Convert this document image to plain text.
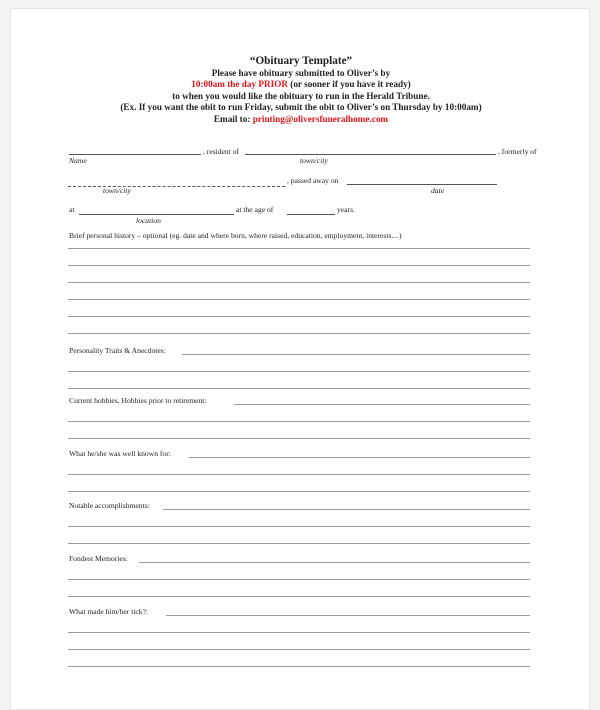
“Obituary Template”
Please have obituary submitted to Oliver’s by
10:00am the day PRIOR (or sooner if you have it ready)
to when you would like the obituary to run in the Herald Tribune.
(Ex. If you want the obit to run Friday, submit the obit to Oliver’s on Thursday by 10:00am)
Email to: printing@oliversfuneralhome.com
, resident of	, formerly of
Name	town/city
, passed away on
town/city	date
at	at the age of	years.
location
Brief personal history – optional (eg. date and where born, where raised, education, employment, interests…)
Personality Traits & Anecdotes:
Current hobbies, Hobbies prior to retirement:
What he/she was well known for:
Notable accomplishments:
Fondest Memories:
What made him/her tick?:
